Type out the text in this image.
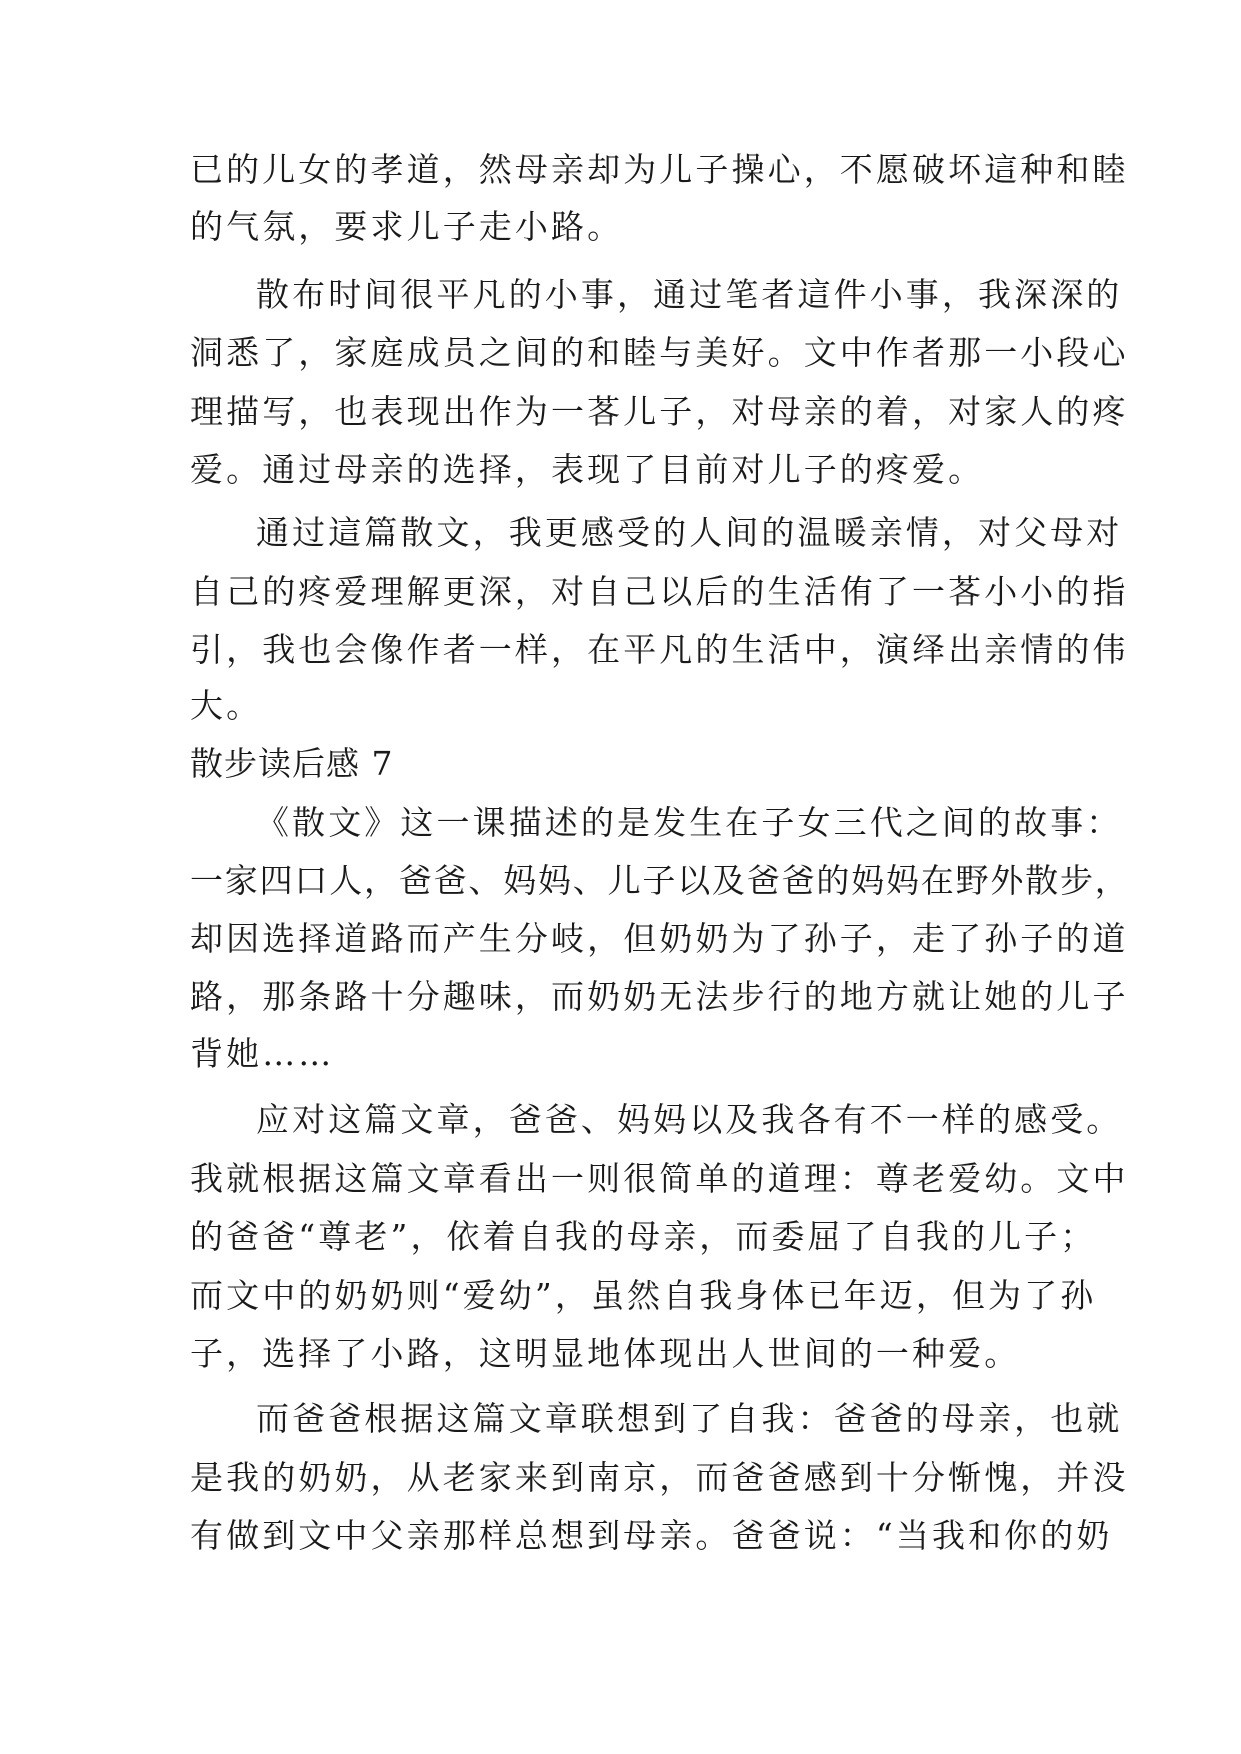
已的儿女的孝道，然母亲却为儿子操心，不愿破坏這种和睦
的气氛，要求儿子走小路。
散布时间很平凡的小事，通过笔者這件小事，我深深的
洞悉了，家庭成员之间的和睦与美好。文中作者那一小段心
理描写，也表现出作为一茖儿子，对母亲的着，对家人的疼
爱。通过母亲的选择，表现了目前对儿子的疼爱。
通过這篇散文，我更感受的人间的温暖亲情，对父母对
自己的疼爱理解更深，对自己以后的生活侑了一茖小小的指
引，我也会像作者一样，在平凡的生活中，演绎出亲情的伟
大。
散步读后感 7
《散文》这一课描述的是发生在子女三代之间的故事：
一家四口人，爸爸、妈妈、儿子以及爸爸的妈妈在野外散步，
却因选择道路而产生分岐，但奶奶为了孙子，走了孙子的道
路，那条路十分趣味，而奶奶无法步行的地方就让她的儿子
背她……
应对这篇文章，爸爸、妈妈以及我各有不一样的感受。
我就根据这篇文章看出一则很简单的道理：尊老爱幼。文中
的爸爸“尊老”，依着自我的母亲，而委屈了自我的儿子；
而文中的奶奶则“爱幼”，虽然自我身体已年迈，但为了孙
子，选择了小路，这明显地体现出人世间的一种爱。
而爸爸根据这篇文章联想到了自我：爸爸的母亲，也就
是我的奶奶，从老家来到南京，而爸爸感到十分惭愧，并没
有做到文中父亲那样总想到母亲。爸爸说：“当我和你的奶
